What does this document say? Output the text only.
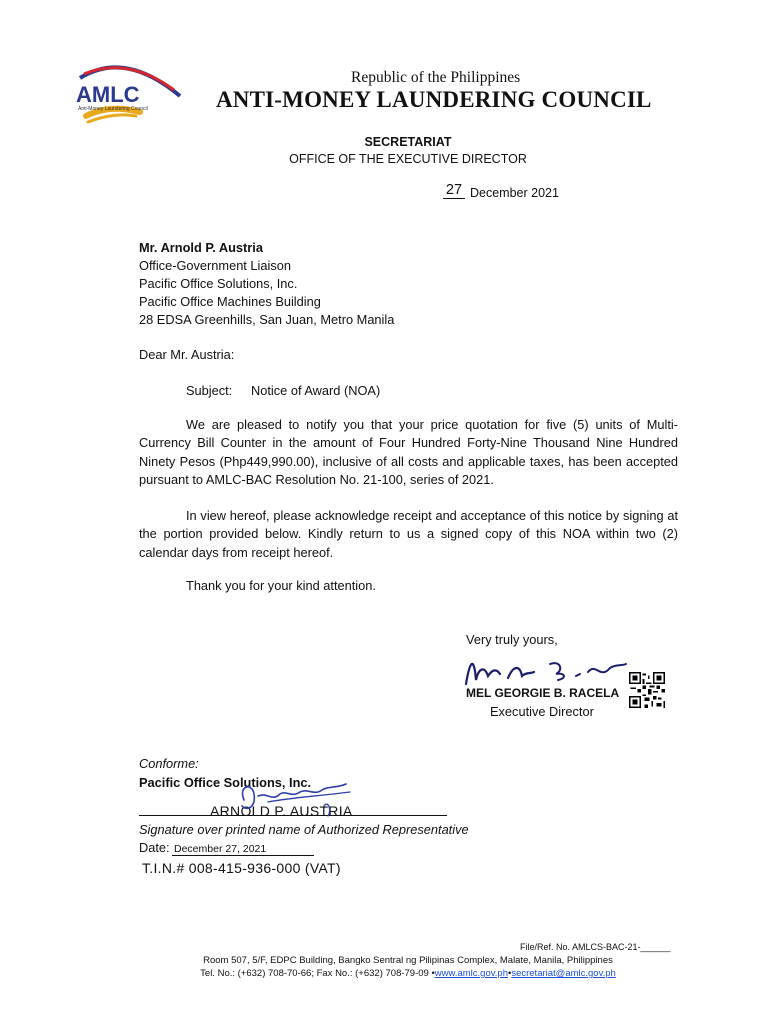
AMLC
Anti-Money Laundering Council
Republic of the Philippines
ANTI-MONEY LAUNDERING COUNCIL
SECRETARIAT
OFFICE OF THE EXECUTIVE DIRECTOR
27 December 2021
Mr. Arnold P. Austria
Office-Government Liaison
Pacific Office Solutions, Inc.
Pacific Office Machines Building
28 EDSA Greenhills, San Juan, Metro Manila
Dear Mr. Austria:
Subject: Notice of Award (NOA)

We are pleased to notify you that your price quotation for five (5) units of Multi-Currency Bill Counter in the amount of Four Hundred Forty-Nine Thousand Nine Hundred Ninety Pesos (Php449,990.00), inclusive of all costs and applicable taxes, has been accepted pursuant to AMLC-BAC Resolution No. 21-100, series of 2021.

In view hereof, please acknowledge receipt and acceptance of this notice by signing at the portion provided below. Kindly return to us a signed copy of this NOA within two (2) calendar days from receipt hereof.

Thank you for your kind attention.
Very truly yours,
MEL GEORGIE B. RACELA
Executive Director
Conforme:
Pacific Office Solutions, Inc.
ARNOLD P. AUSTRIA
Signature over printed name of Authorized Representative
Date: December 27, 2021
T.I.N.# 008-415-936-000 (VAT)
File/Ref. No. AMLCS-BAC-21-______
Room 507, 5/F, EDPC Building, Bangko Sentral ng Pilipinas Complex, Malate, Manila, Philippines
Tel. No.: (+632) 708-70-66; Fax No.: (+632) 708-79-09 •www.amlc.gov.ph•secretariat@amlc.gov.ph
